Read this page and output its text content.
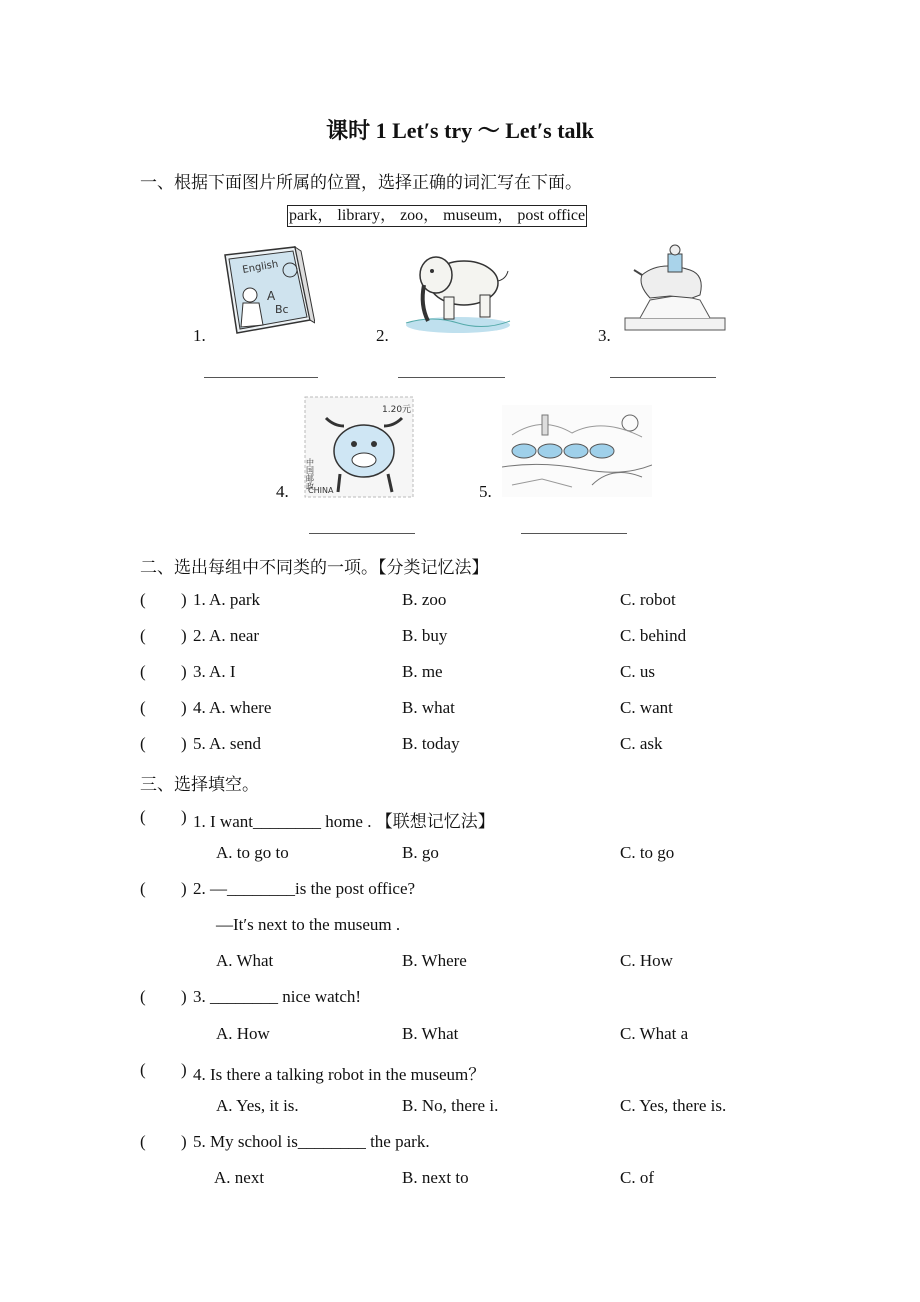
课时 1 Let′s try ～ Let′s talk
一、根据下面图片所属的位置，选择正确的词汇写在下面。
park， library， zoo， museum， post office
1.
English
A
Bc
2.	3.
4.
1.20元
CHINA
中国邮政
5.
二、选出每组中不同类的一项。【分类记忆法】
( ) 1. A. park	B. zoo	C. robot
( ) 2. A. near	B. buy	C. behind
( ) 3. A. I	B. me	C. us
( ) 4. A. where	B. what	C. want
( ) 5. A. send	B. today	C. ask
三、选择填空。
( ) 1. I want________ home . 【联想记忆法】
A. to go to	B. go	C. to go
( ) 2. —________is the post office?
—It′s next to the museum .
A. What	B. Where	C. How
( ) 3. ________ nice watch!
A. How	B. What	C. What a
( ) 4. Is there a talking robot in the museum？
A. Yes, it is.	B. No, there i.	C. Yes, there is.
( ) 5. My school is________ the park.
A. next	B. next to	C. of
